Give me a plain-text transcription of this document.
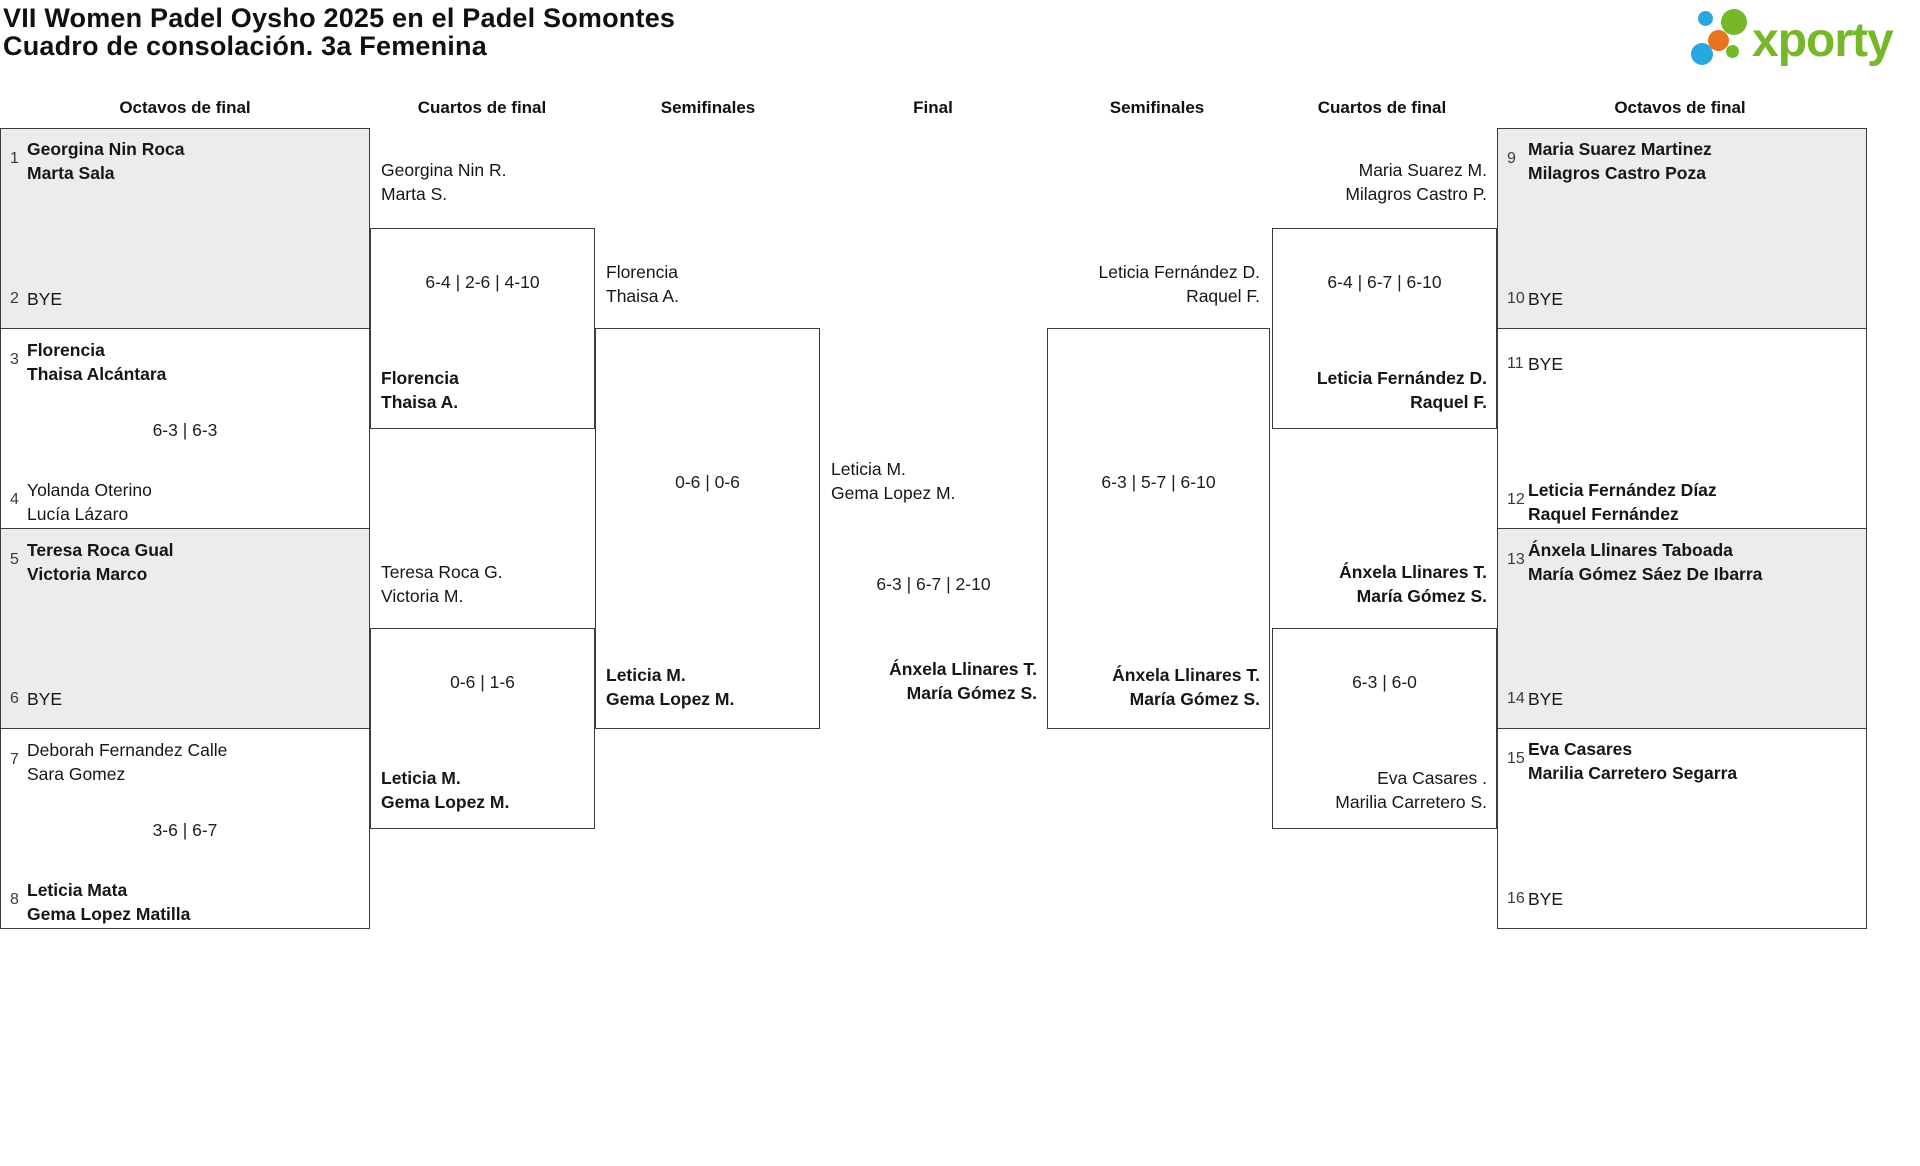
VII Women Padel Oysho 2025 en el Padel Somontes
Cuadro de consolación. 3a Femenina	xporty
Octavos de final	Cuartos de final	Semifinales	Final	Semifinales	Cuartos de final	Octavos de final
1 Georgina Nin Roca
Marta Sala
2 BYE
3 Florencia
Thaisa Alcántara
6-3 | 6-3
4 Yolanda Oterino
Lucía Lázaro
5 Teresa Roca Gual
Victoria Marco
6 BYE
7 Deborah Fernandez Calle
Sara Gomez
3-6 | 6-7
8 Leticia Mata
Gema Lopez Matilla
Georgina Nin R.
Marta S.
6-4 | 2-6 | 4-10
Florencia
Thaisa A.
Teresa Roca G.
Victoria M.
0-6 | 1-6
Leticia M.
Gema Lopez M.
Florencia
Thaisa A.
0-6 | 0-6
Leticia M.
Gema Lopez M.
Leticia M.
Gema Lopez M.
6-3 | 6-7 | 2-10
Ánxela Llinares T.
María Gómez S.
Leticia Fernández D.
Raquel F.
6-3 | 5-7 | 6-10
Ánxela Llinares T.
María Gómez S.
Maria Suarez M.
Milagros Castro P.
6-4 | 6-7 | 6-10
Leticia Fernández D.
Raquel F.
Ánxela Llinares T.
María Gómez S.
6-3 | 6-0
Eva Casares .
Marilia Carretero S.
9 Maria Suarez Martinez
Milagros Castro Poza
10 BYE
11 BYE
12 Leticia Fernández Díaz
Raquel Fernández
13 Ánxela Llinares Taboada
María Gómez Sáez De Ibarra
14 BYE
15 Eva Casares
Marilia Carretero Segarra
16 BYE
